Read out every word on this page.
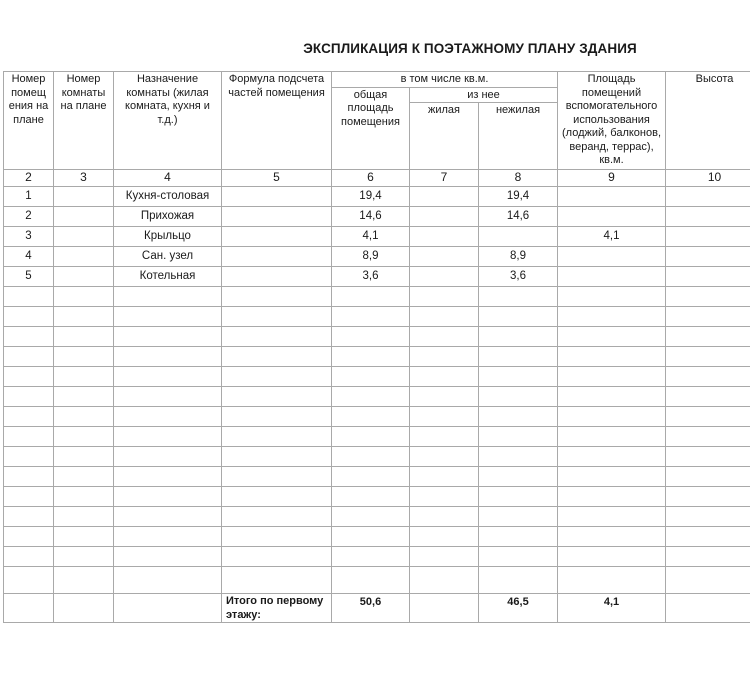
ЭКСПЛИКАЦИЯ К ПОЭТАЖНОМУ ПЛАНУ ЗДАНИЯ
Номер помещ ения на плане	Номер комнаты на плане	Назначение комнаты (жилая комната, кухня и т.д.)	Формула подсчета частей помещения	в том числе кв.м.			Площадь помещений вспомогательного использования (лоджий, балконов, веранд, террас), кв.м.	Высота
				общая площадь помещения	из нее			
					жилая	нежилая		
2	3	4	5	6	7	8	9	10
1		Кухня-столовая		19,4		19,4		
2		Прихожая		14,6		14,6		
3		Крыльцо		4,1			4,1	
4		Сан. узел		8,9		8,9		
5		Котельная		3,6		3,6		

			Итого по первому этажу:	50,6		46,5	4,1	
